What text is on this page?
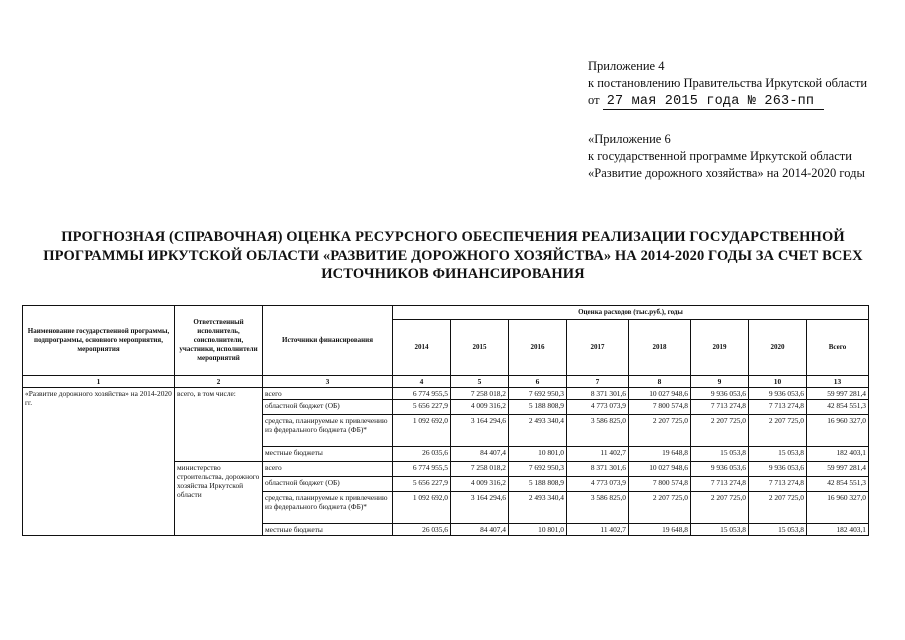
Приложение 4
к постановлению Правительства Иркутской области
от 27 мая 2015 года № 263-пп
«Приложение 6
к государственной программе Иркутской области
«Развитие дорожного хозяйства» на 2014-2020 годы
ПРОГНОЗНАЯ (СПРАВОЧНАЯ) ОЦЕНКА РЕСУРСНОГО ОБЕСПЕЧЕНИЯ РЕАЛИЗАЦИИ ГОСУДАРСТВЕННОЙ
ПРОГРАММЫ ИРКУТСКОЙ ОБЛАСТИ «РАЗВИТИЕ ДОРОЖНОГО ХОЗЯЙСТВА» НА 2014-2020 ГОДЫ ЗА СЧЕТ ВСЕХ
ИСТОЧНИКОВ ФИНАНСИРОВАНИЯ
Наименование государственной программы, подпрограммы, основного мероприятия, мероприятия	Ответственный исполнитель, соисполнители, участники, исполнители мероприятий	Источники финансирования	Оценка расходов (тыс.руб.), годы							
			2014	2015	2016	2017	2018	2019	2020	Всего
1	2	3	4	5	6	7	8	9	10	13
«Развитие дорожного хозяйства» на 2014-2020 гг.	всего, в том числе:	всего	6 774 955,5	7 258 018,2	7 692 950,3	8 371 301,6	10 027 948,6	9 936 053,6	9 936 053,6	59 997 281,4
		областной бюджет (ОБ)	5 656 227,9	4 009 316,2	5 188 808,9	4 773 073,9	7 800 574,8	7 713 274,8	7 713 274,8	42 854 551,3
		средства, планируемые к привлечению из федерального бюджета (ФБ)*	1 092 692,0	3 164 294,6	2 493 340,4	3 586 825,0	2 207 725,0	2 207 725,0	2 207 725,0	16 960 327,0
		местные бюджеты	26 035,6	84 407,4	10 801,0	11 402,7	19 648,8	15 053,8	15 053,8	182 403,1
	министерство строительства, дорожного хозяйства Иркутской области	всего	6 774 955,5	7 258 018,2	7 692 950,3	8 371 301,6	10 027 948,6	9 936 053,6	9 936 053,6	59 997 281,4
		областной бюджет (ОБ)	5 656 227,9	4 009 316,2	5 188 808,9	4 773 073,9	7 800 574,8	7 713 274,8	7 713 274,8	42 854 551,3
		средства, планируемые к привлечению из федерального бюджета (ФБ)*	1 092 692,0	3 164 294,6	2 493 340,4	3 586 825,0	2 207 725,0	2 207 725,0	2 207 725,0	16 960 327,0
		местные бюджеты	26 035,6	84 407,4	10 801,0	11 402,7	19 648,8	15 053,8	15 053,8	182 403,1
